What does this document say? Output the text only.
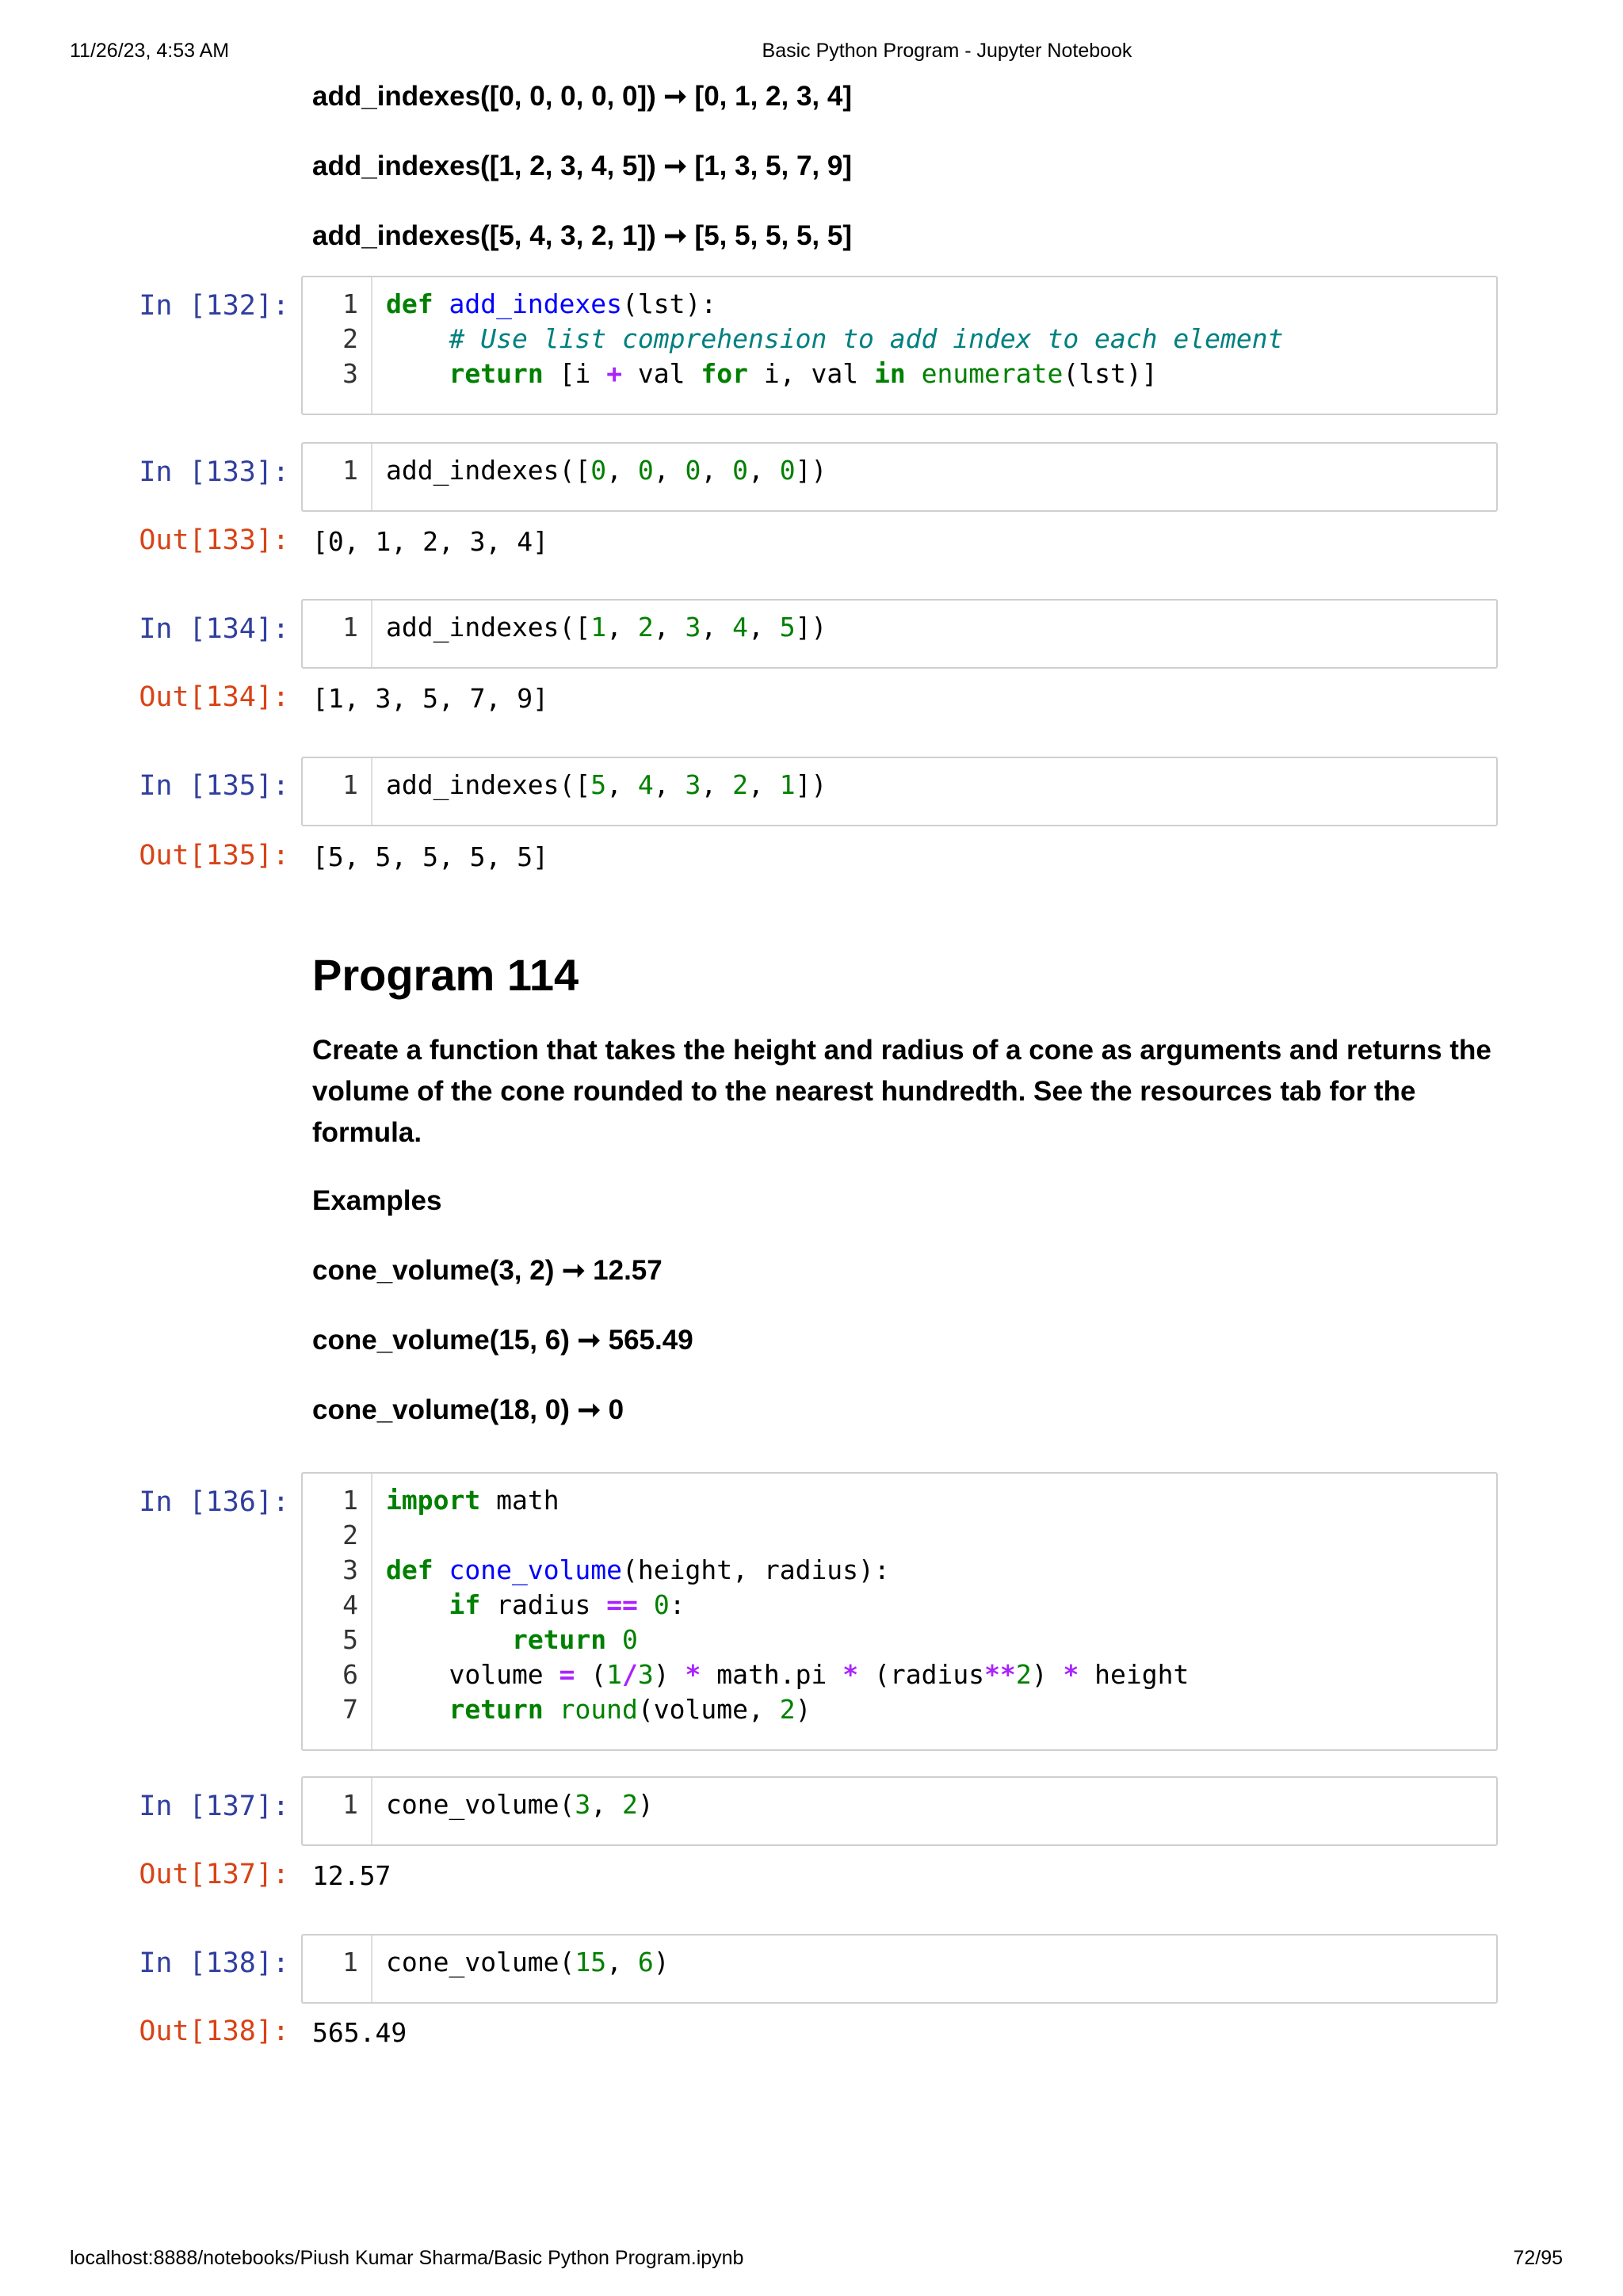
11/26/23, 4:53 AM	Basic Python Program - Jupyter Notebook
localhost:8888/notebooks/Piush Kumar Sharma/Basic Python Program.ipynb	72/95
add_indexes([0, 0, 0, 0, 0]) ➞ [0, 1, 2, 3, 4]
add_indexes([1, 2, 3, 4, 5]) ➞ [1, 3, 5, 7, 9]
add_indexes([5, 4, 3, 2, 1]) ➞ [5, 5, 5, 5, 5]
In [132]:	1 def add_indexes(lst):
2	# Use list comprehension to add index to each element
3	return [i + val for i, val in enumerate(lst)]
In [133]:	1 add_indexes([0, 0, 0, 0, 0])
Out[133]: [0, 1, 2, 3, 4]
In [134]:	1 add_indexes([1, 2, 3, 4, 5])
Out[134]: [1, 3, 5, 7, 9]
In [135]:	1 add_indexes([5, 4, 3, 2, 1])
Out[135]: [5, 5, 5, 5, 5]
Program 114
Create a function that takes the height and radius of a cone as arguments and returns the volume of the cone rounded to the nearest hundredth. See the resources tab for the formula.
Examples
cone_volume(3, 2) ➞ 12.57
cone_volume(15, 6) ➞ 565.49
cone_volume(18, 0) ➞ 0
In [136]:	1 import math
2
3 def cone_volume(height, radius):
4	if radius == 0:
5	return 0
6    volume = (1/3) * math.pi * (radius**2) * height
7	return round(volume, 2)
In [137]:	1 cone_volume(3, 2)
Out[137]: 12.57
In [138]:	1 cone_volume(15, 6)
Out[138]: 565.49
